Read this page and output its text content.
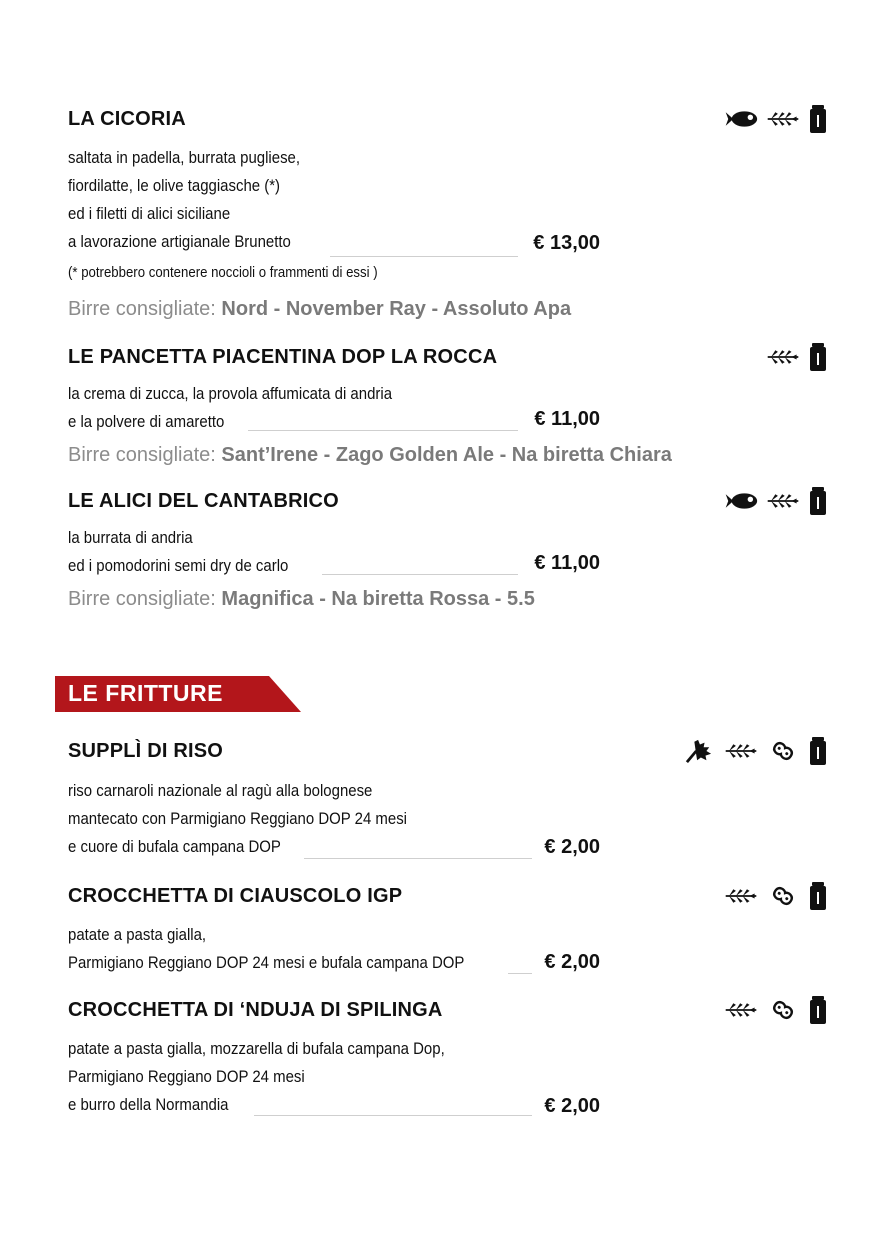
LA CICORIA
saltata in padella, burrata pugliese,
fiordilatte, le olive taggiasche (*)
ed i filetti di alici siciliane
a lavorazione artigianale Brunetto	€ 13,00
(* potrebbero contenere noccioli o frammenti di essi )
Birre consigliate: Nord - November Ray - Assoluto Apa
LE PANCETTA PIACENTINA DOP LA ROCCA
la crema di zucca, la provola affumicata di andria
e la polvere di amaretto	€ 11,00
Birre consigliate: Sant’Irene - Zago Golden Ale - Na biretta Chiara
LE ALICI DEL CANTABRICO
la burrata di andria
ed i pomodorini semi dry de carlo	€ 11,00
Birre consigliate: Magnifica - Na biretta Rossa - 5.5
LE FRITTURE
SUPPLÌ DI RISO
riso carnaroli nazionale al ragù alla bolognese
mantecato con Parmigiano Reggiano DOP 24 mesi
e cuore di bufala campana DOP	€ 2,00
CROCCHETTA DI CIAUSCOLO IGP
patate a pasta gialla,
Parmigiano Reggiano DOP 24 mesi e bufala campana DOP	€ 2,00
CROCCHETTA DI ‘NDUJA DI SPILINGA
patate a pasta gialla, mozzarella di bufala campana Dop,
Parmigiano Reggiano DOP 24 mesi
e burro della Normandia	€ 2,00
